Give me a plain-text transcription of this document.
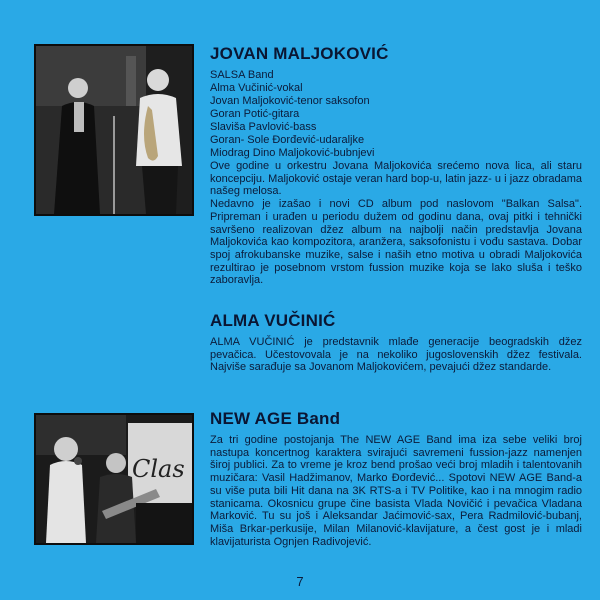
Clas
JOVAN MALJOKOVIĆ
SALSA Band
Alma Vučinić-vokal
Jovan Maljoković-tenor saksofon
Goran Potić-gitara
Slaviša Pavlović-bass
Goran- Sole Đorđević-udaraljke
Miodrag Dino Maljoković-bubnjevi

Ove godine u orkestru Jovana Maljokovića srećemo nova lica, ali staru koncepciju. Maljoković ostaje veran hard bop-u, latin jazz- u i jazz obradama našeg melosa.

Nedavno je izašao i novi CD album pod naslovom "Balkan Salsa". Pripreman i urađen u periodu dužem od godinu dana, ovaj pitki i tehnički savršeno realizovan džez album na najbolji način predstavlja Jovana Maljokovića kao kompozitora, aranžera, saksofonistu i vođu sastava. Dobar spoj afrokubanske muzike, salse i naših etno motiva u obradi Maljokovića rezultirao je posebnom vrstom fussion muzike koja se lako sluša i teško zaboravlja.

ALMA VUČINIĆ

ALMA VUČINIĆ je predstavnik mlađe generacije beogradskih džez pevačica. Učestovovala je na nekoliko jugoslovenskih džez festivala. Najviše sarađuje sa Jovanom Maljokovićem, pevajući džez standarde.

NEW AGE Band

Za tri godine postojanja The NEW AGE Band ima iza sebe veliki broj nastupa koncertnog karaktera svirajući savremeni fussion-jazz namenjen široj publici. Za to vreme je kroz bend prošao veći broj mladih i talentovanih muzičara: Vasil Hadžimanov, Marko Đorđević... Spotovi NEW AGE Band-a su više puta bili Hit dana na 3K RTS-a i TV Politike, kao i na mnogim radio stanicama. Okosnicu grupe čine basista Vlada Novičić i pevačica Vladana Marković. Tu su još i Aleksandar Jaćimović-sax, Pera Radmilović-bubanj, Miša Brkar-perkusije, Milan Milanović-klavijature, a čest gost je i mladi klavijaturista Ognjen Radivojević.

7
